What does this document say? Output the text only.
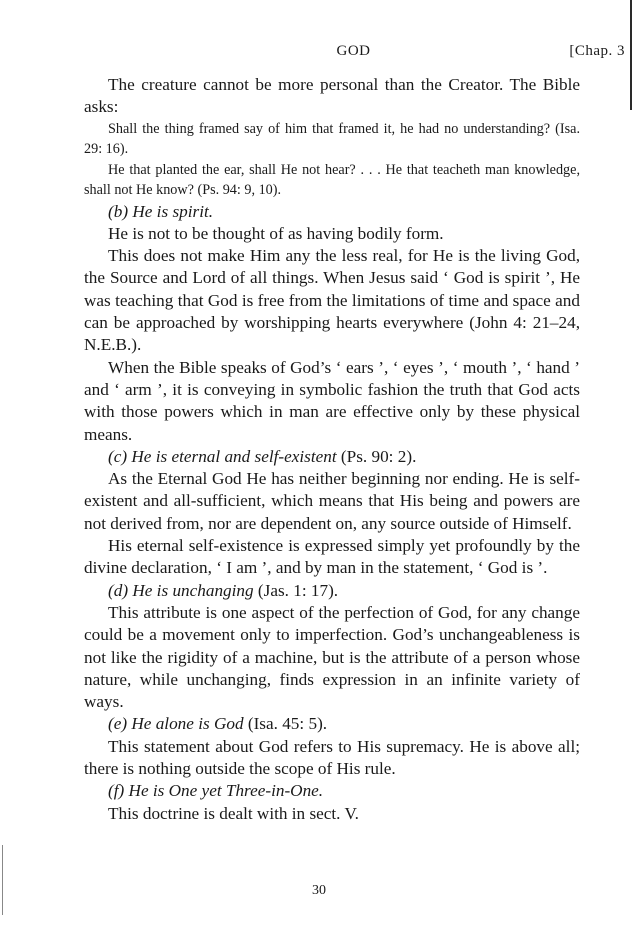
GOD	[Chap. 3

The creature cannot be more personal than the Creator. The Bible asks:

Shall the thing framed say of him that framed it, he had no understanding? (Isa. 29: 16).

He that planted the ear, shall He not hear? . . . He that teacheth man knowledge, shall not He know? (Ps. 94: 9, 10).

(b) He is spirit.

He is not to be thought of as having bodily form.

This does not make Him any the less real, for He is the living God, the Source and Lord of all things. When Jesus said ‘ God is spirit ’, He was teaching that God is free from the limitations of time and space and can be approached by worshipping hearts everywhere (John 4: 21–24, N.E.B.).

When the Bible speaks of God’s ‘ ears ’, ‘ eyes ’, ‘ mouth ’, ‘ hand ’ and ‘ arm ’, it is conveying in symbolic fashion the truth that God acts with those powers which in man are effective only by these physical means.

(c) He is eternal and self-existent (Ps. 90: 2).

As the Eternal God He has neither beginning nor ending. He is self-existent and all-sufficient, which means that His being and powers are not derived from, nor are dependent on, any source outside of Himself.

His eternal self-existence is expressed simply yet profoundly by the divine declaration, ‘ I am ’, and by man in the statement, ‘ God is ’.

(d) He is unchanging (Jas. 1: 17).

This attribute is one aspect of the perfection of God, for any change could be a movement only to imperfection. God’s unchangeableness is not like the rigidity of a machine, but is the attribute of a person whose nature, while unchanging, finds expression in an infinite variety of ways.

(e) He alone is God (Isa. 45: 5).

This statement about God refers to His supremacy. He is above all; there is nothing outside the scope of His rule.

(f) He is One yet Three-in-One.

This doctrine is dealt with in sect. V.

30
